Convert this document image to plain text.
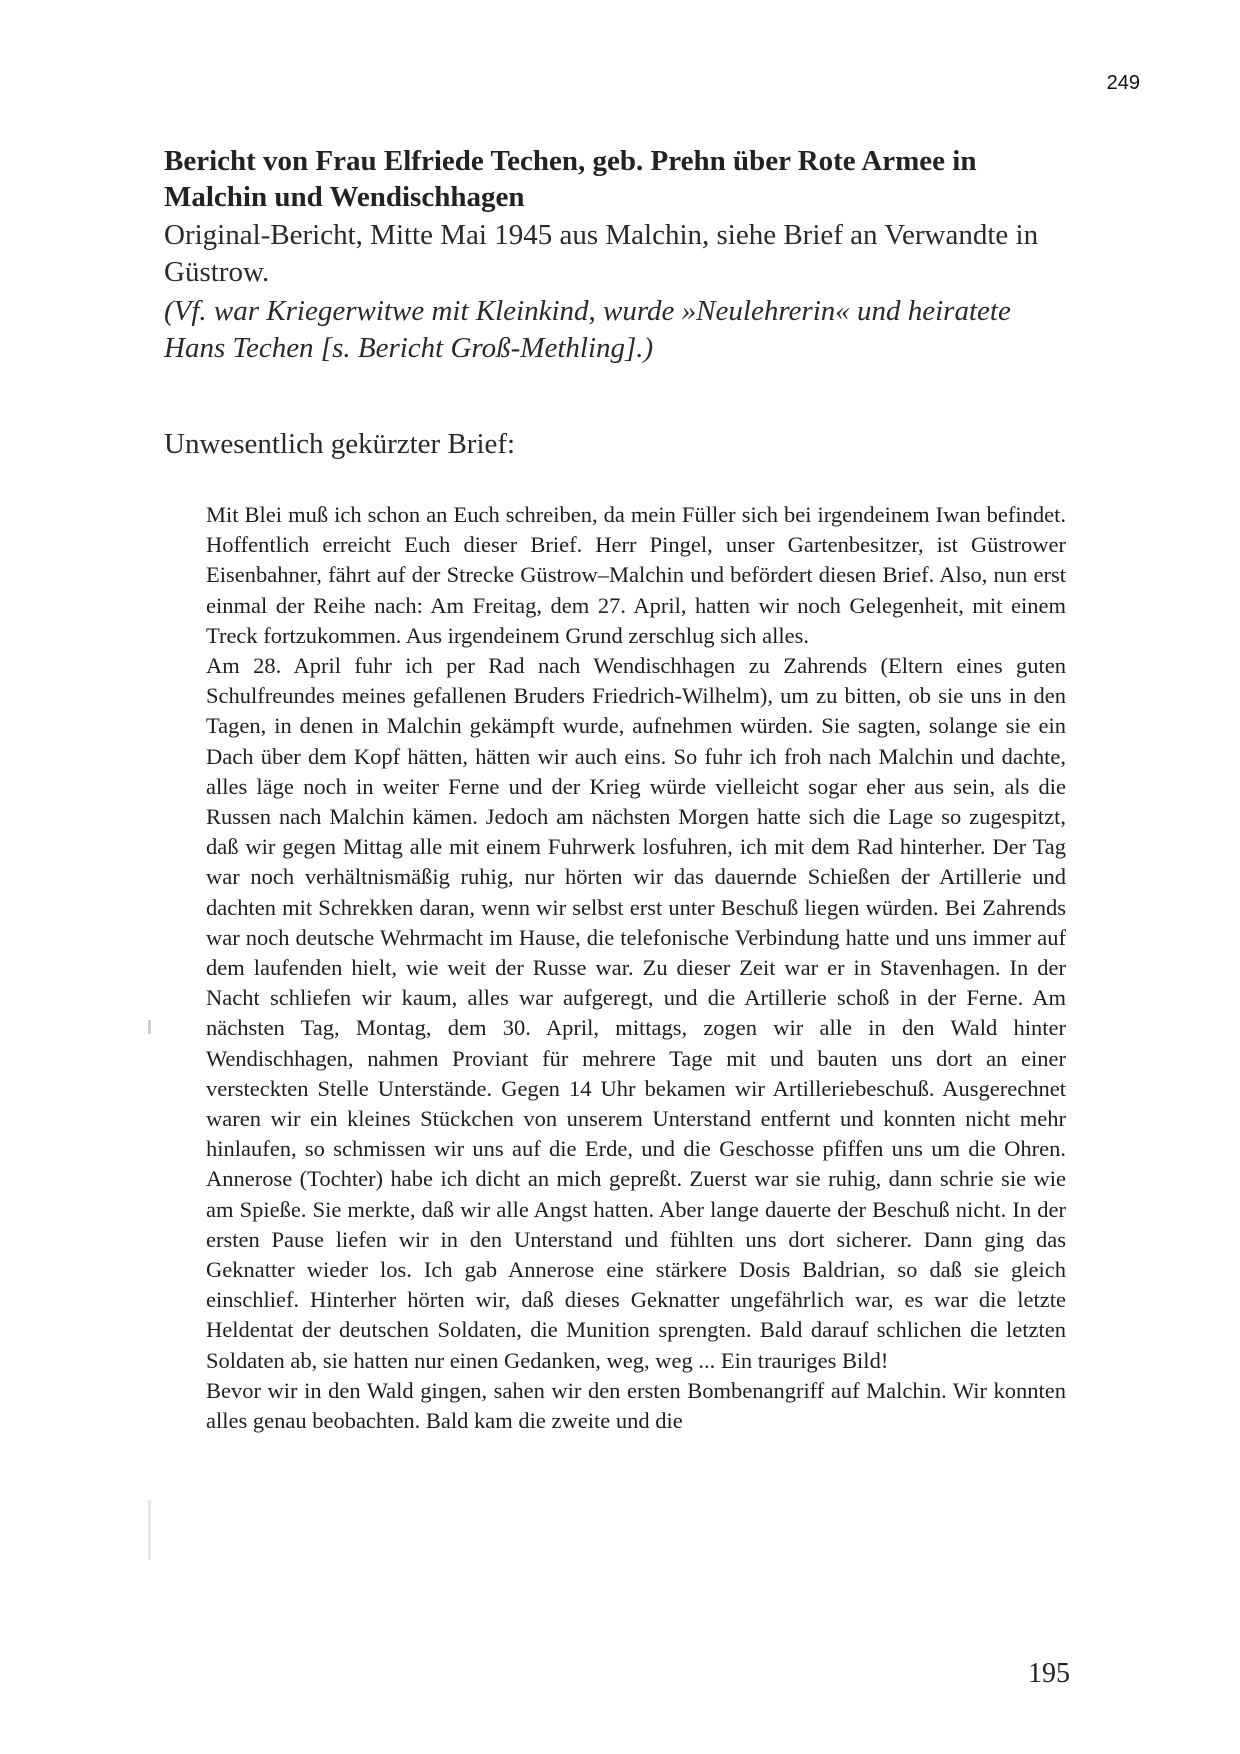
249

Bericht von Frau Elfriede Techen, geb. Prehn über Rote Armee in Malchin und Wendischhagen

Original-Bericht, Mitte Mai 1945 aus Malchin, siehe Brief an Verwandte in Güstrow.

(Vf. war Kriegerwitwe mit Kleinkind, wurde »Neulehrerin« und heiratete Hans Techen [s. Bericht Groß-Methling].)

Unwesentlich gekürzter Brief:

Mit Blei muß ich schon an Euch schreiben, da mein Füller sich bei irgendeinem Iwan befindet. Hoffentlich erreicht Euch dieser Brief. Herr Pingel, unser Gartenbesitzer, ist Güstrower Eisenbahner, fährt auf der Strecke Güstrow–Malchin und befördert diesen Brief. Also, nun erst einmal der Reihe nach: Am Freitag, dem 27. April, hatten wir noch Gelegenheit, mit einem Treck fortzukommen. Aus irgendeinem Grund zerschlug sich alles.

Am 28. April fuhr ich per Rad nach Wendischhagen zu Zahrends (Eltern eines guten Schulfreundes meines gefallenen Bruders Friedrich-Wilhelm), um zu bitten, ob sie uns in den Tagen, in denen in Malchin gekämpft wurde, aufnehmen würden. Sie sagten, solange sie ein Dach über dem Kopf hätten, hätten wir auch eins. So fuhr ich froh nach Malchin und dachte, alles läge noch in weiter Ferne und der Krieg würde vielleicht sogar eher aus sein, als die Russen nach Malchin kämen. Jedoch am nächsten Morgen hatte sich die Lage so zugespitzt, daß wir gegen Mittag alle mit einem Fuhrwerk losfuhren, ich mit dem Rad hinterher. Der Tag war noch verhältnismäßig ruhig, nur hörten wir das dauernde Schießen der Artillerie und dachten mit Schrekken daran, wenn wir selbst erst unter Beschuß liegen würden. Bei Zahrends war noch deutsche Wehrmacht im Hause, die telefonische Verbindung hatte und uns immer auf dem laufenden hielt, wie weit der Russe war. Zu dieser Zeit war er in Stavenhagen. In der Nacht schliefen wir kaum, alles war aufgeregt, und die Artillerie schoß in der Ferne. Am nächsten Tag, Montag, dem 30. April, mittags, zogen wir alle in den Wald hinter Wendischhagen, nahmen Proviant für mehrere Tage mit und bauten uns dort an einer versteckten Stelle Unterstände. Gegen 14 Uhr bekamen wir Artilleriebeschuß. Ausgerechnet waren wir ein kleines Stückchen von unserem Unterstand entfernt und konnten nicht mehr hinlaufen, so schmissen wir uns auf die Erde, und die Geschosse pfiffen uns um die Ohren. Annerose (Tochter) habe ich dicht an mich gepreßt. Zuerst war sie ruhig, dann schrie sie wie am Spieße. Sie merkte, daß wir alle Angst hatten. Aber lange dauerte der Beschuß nicht. In der ersten Pause liefen wir in den Unterstand und fühlten uns dort sicherer. Dann ging das Geknatter wieder los. Ich gab Annerose eine stärkere Dosis Baldrian, so daß sie gleich einschlief. Hinterher hörten wir, daß dieses Geknatter ungefährlich war, es war die letzte Heldentat der deutschen Soldaten, die Munition sprengten. Bald darauf schlichen die letzten Soldaten ab, sie hatten nur einen Gedanken, weg, weg ... Ein trauriges Bild!

Bevor wir in den Wald gingen, sahen wir den ersten Bombenangriff auf Malchin. Wir konnten alles genau beobachten. Bald kam die zweite und die

195
